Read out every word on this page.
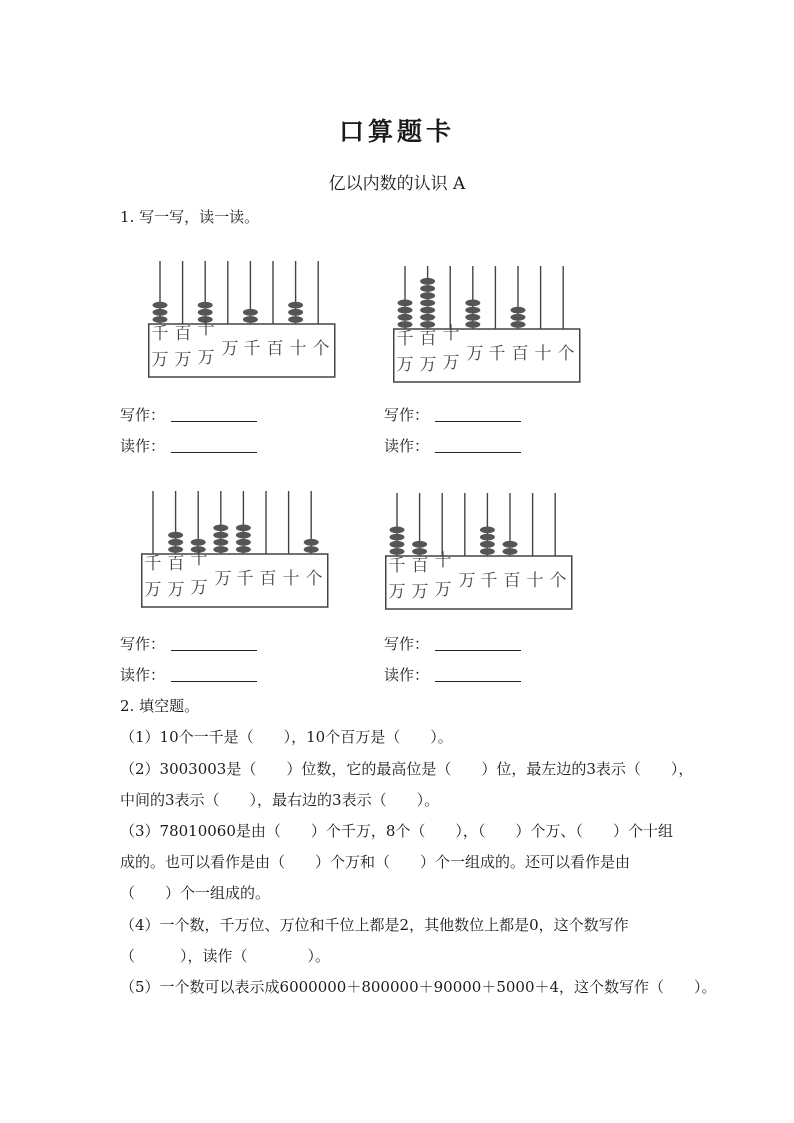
口算题卡
亿以内数的认识 A
1. 写一写，读一读。
千 百 十
万 万 万 万 千 百 十 个	千 百 十
万 万 万 万 千 百 十 个
千 百 十
万 万 万 万 千 百 十 个
千 百 十
万 万 万 万 千 百 十 个
写作：
读作：
写作：
读作：
写作：
读作：
写作：
读作：
2. 填空题。
（1）10个一千是（　　），10个百万是（　　）。
（2）3003003是（　　）位数，它的最高位是（　　）位，最左边的3表示（　　），
中间的3表示（　　），最右边的3表示（　　）。
（3）78010060是由（　　）个千万，8个（　　），（　　）个万、（　　）个十组
成的。也可以看作是由（　　）个万和（　　）个一组成的。还可以看作是由
（　　）个一组成的。
（4）一个数，千万位、万位和千位上都是2，其他数位上都是0，这个数写作
（　　　），读作（　　　　）。
（5）一个数可以表示成6000000＋800000＋90000＋5000＋4，这个数写作（　　）。
